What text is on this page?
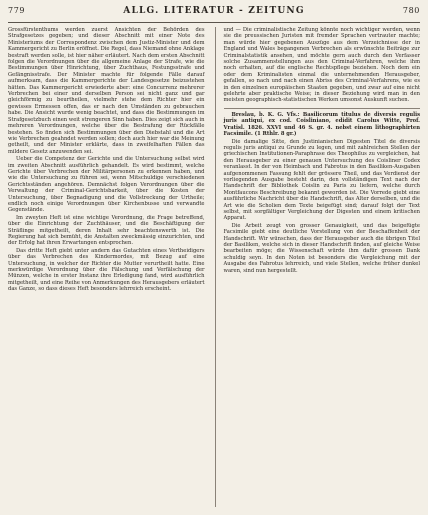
779	ALLG. LITERATUR - ZEITUNG	780

Grossfürstenthums werden zuerst Ansichten der Behörden des Strafgesetzes gegeben; und dieser Abschnitt mit einer Note des Ministeriums der Correspondenz zwischen dem Justiz-Minister und dem Kammergericht zu Berlin eröffnet. Die Regel, dass Niemand ohne Anklage bestraft werden solle, ist hier näher erläutert. Nach dem ersten Abschnitt folgen die Verordnungen über die allgemeine Anlage der Strafe, wie die Bestimmungen über Hinrichtung, über Zuchthaus, Festungsstrafe und Gefängnisstrafe. Der Minister machte für folgende Fälle darauf aufmerksam, dass die Kammergerichte der Landesgesetze beizustehen hätten. Das Kammergericht erwiederte aber: eine Concurrenz mehrerer Verbrechen bei einer und derselben Person sei nicht ganz und gar gleichförmig zu beurtheilen, vielmehr stehe dem Richter hier ein gewisses Ermessen offen, das er nach den Umständen zu gebrauchen habe. Die Ansicht wurde wenig beachtet, und dass die Bestimmungen im Strafgesetzbuch einen weit strengeren Sinn haben. Dies zeigt sich auch in mehreren Verordnungen, welche über die Bestrafung der Rückfälle bestehen. So finden sich Bestimmungen über den Diebstahl und die Art wie Verbrechen geahndet werden sollen; doch auch hier war die Meinung getheilt, und der Minister erklärte, dass in zweifelhaften Fällen das mildere Gesetz anzuwenden sei.

Ueber die Competenz der Gerichte und die Untersuchung selbst wird im zweiten Abschnitt ausführlich gehandelt. Es wird bestimmt, welche Gerichte über Verbrechen der Militärpersonen zu erkennen haben, und wie die Untersuchung zu führen sei, wenn Mitschuldige verschiedenen Gerichtsständen angehören. Demnächst folgen Verordnungen über die Verwaltung der Criminal-Gerichtsbarkeit, über die Kosten der Untersuchung, über Begnadigung und die Vollstreckung der Urtheile; endlich noch einige Verordnungen über Kirchenbusse und verwandte Gegenstände.

Im zweyten Heft ist eine wichtige Verordnung, die Frage betreffend, über die Einrichtung der Zuchthäuser, und die Beschäftigung der Sträflinge mitgetheilt, deren Inhalt sehr beachtenswerth ist. Die Regierung hat sich bemüht, die Anstalten zweckmässig einzurichten, und der Erfolg hat ihren Erwartungen entsprochen.

Das dritte Heft giebt unter andern das Gutachten eines Vertheidigers über das Verbrechen des Kindermordes, mit Bezug auf eine Untersuchung, in welcher der Richter die Mutter verurtheilt hatte. Eine merkwürdige Verordnung über die Fälschung und Verfälschung der Münzen, welche in erster Instanz ihre Erledigung fand, wird ausführlich mitgetheilt, und eine Reihe von Anmerkungen des Herausgebers erläutert das Ganze, so dass dieses Heft besonders lehrreich erscheint.

und — Die criminalistische Zeitung könnte noch wichtiger werden, wenn sie die preussischen Juristen mit fremder Sprachen vertrauter machte; man würde hier gegebenen Auszüge aus dem Verzeichnisse der in England und Wales begangenen Verbrechen als erwünschte Beiträge zur Criminalstatistik ansehen, und möchte gern auch durch den Verfasser solche Zusammenstellungen aus den Criminal-Verfahren, welche ihm noch erhalten, auf die englische Rechtspflege beziehen. Noch dem ein oder dem Kriminalisten einmal die unternehmenden Herausgeber, gefallen, so nach und nach einen Abriss des Criminal-Verfahrens, wie es in den einzelnen europäischen Staaten gegeben, und zwar auf eine nicht gelehrte aber praktische Weise; in dieser Beziehung wird man in den meisten geographisch-statistischen Werken umsonst Auskunft suchen.

Breslau, b. K. G. Vfs.: Basilicorum titulus de diversis regulis juris antiqui, ex cod. Coisliniano, edidit Carolus Witte, Prof. Vratisl. 1826. XXVI und 46 S. gr. 4. nebst einem lithographirten Facsimile. (1 Rthlr. 8 gr.)

Die damalige Sitte, den Justinianischen Digesten Titel de diversis regulis juris antiqui zu Grunde zu legen, und mit zahlreichen Stellen der griechischen Institutionen-Paraphrase des Theophilus zu vergleichen, hat den Herausgeber zu einer genauen Untersuchung des Coisliner Codex veranlasst. In der von Heimbach und Fabrotus in den Basiliken-Ausgaben aufgenommenen Fassung fehlt der grössere Theil, und das Verdienst der vorliegenden Ausgabe besteht darin, den vollständigen Text nach der Handschrift der Bibliothek Coislin zu Paris zu liefern, welche durch Montfaucons Beschreibung bekannt geworden ist. Die Vorrede giebt eine ausführliche Nachricht über die Handschrift, das Alter derselben, und die Art wie die Scholien dem Texte beigefügt sind; darauf folgt der Text selbst, mit sorgfältiger Vergleichung der Digesten und einem kritischen Apparat.

Die Arbeit zeugt von grosser Genauigkeit, und das beigefügte Facsimile giebt eine deutliche Vorstellung von der Beschaffenheit der Handschrift. Wir wünschen, dass der Herausgeber auch die übrigen Titel der Basiliken, welche sich in dieser Handschrift finden, auf gleiche Weise bearbeiten möge; die Wissenschaft würde ihm dafür grossen Dank schuldig seyn. In den Noten ist besonders die Vergleichung mit der Ausgabe des Fabrotus lehrreich, und viele Stellen, welche früher dunkel waren, sind nun hergestellt.
